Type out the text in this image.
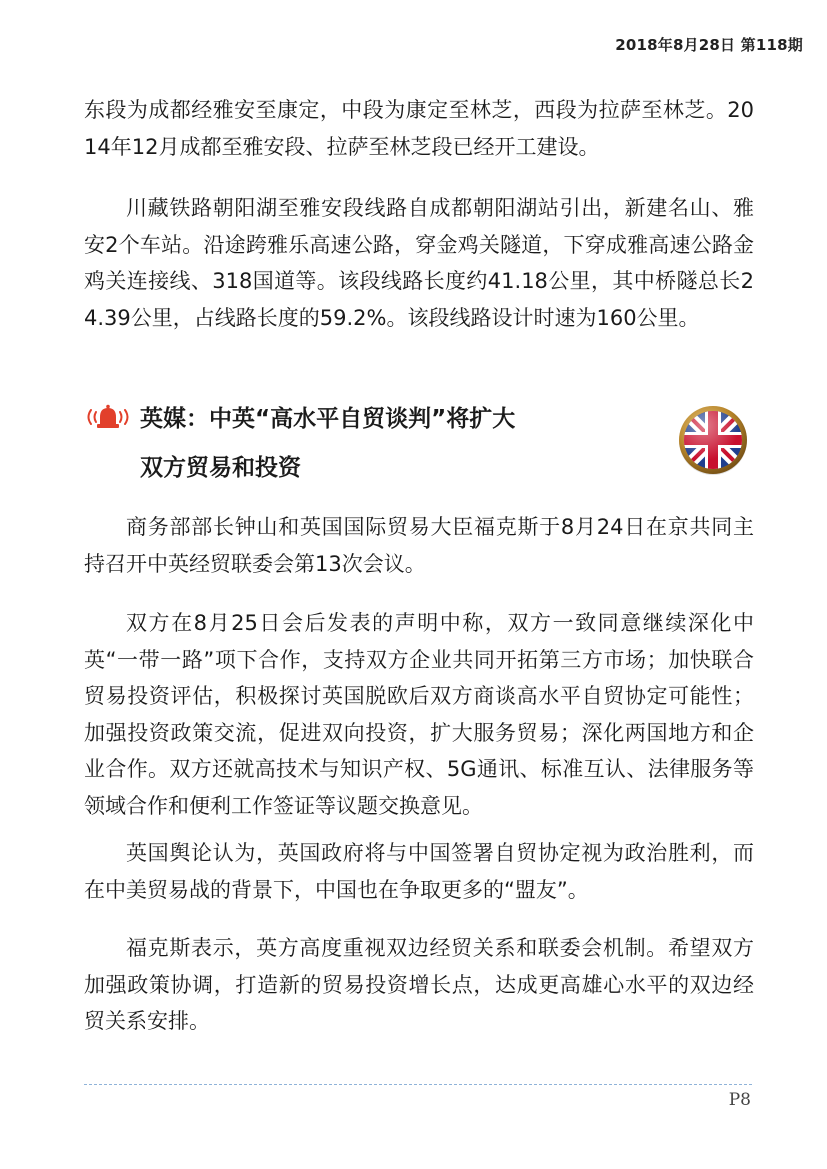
2018年8月28日 第118期

东段为成都经雅安至康定，中段为康定至林芝，西段为拉萨至林芝。2014年12月成都至雅安段、拉萨至林芝段已经开工建设。

川藏铁路朝阳湖至雅安段线路自成都朝阳湖站引出，新建名山、雅安2个车站。沿途跨雅乐高速公路，穿金鸡关隧道，下穿成雅高速公路金鸡关连接线、318国道等。该段线路长度约41.18公里，其中桥隧总长24.39公里，占线路长度的59.2%。该段线路设计时速为160公里。

英媒：中英“高水平自贸谈判”将扩大
双方贸易和投资

商务部部长钟山和英国国际贸易大臣福克斯于8月24日在京共同主持召开中英经贸联委会第13次会议。

双方在8月25日会后发表的声明中称，双方一致同意继续深化中英“一带一路”项下合作，支持双方企业共同开拓第三方市场；加快联合贸易投资评估，积极探讨英国脱欧后双方商谈高水平自贸协定可能性；加强投资政策交流，促进双向投资，扩大服务贸易；深化两国地方和企业合作。双方还就高技术与知识产权、5G通讯、标准互认、法律服务等领域合作和便利工作签证等议题交换意见。

英国舆论认为，英国政府将与中国签署自贸协定视为政治胜利，而在中美贸易战的背景下，中国也在争取更多的“盟友”。

福克斯表示，英方高度重视双边经贸关系和联委会机制。希望双方加强政策协调，打造新的贸易投资增长点，达成更高雄心水平的双边经贸关系安排。

P8
